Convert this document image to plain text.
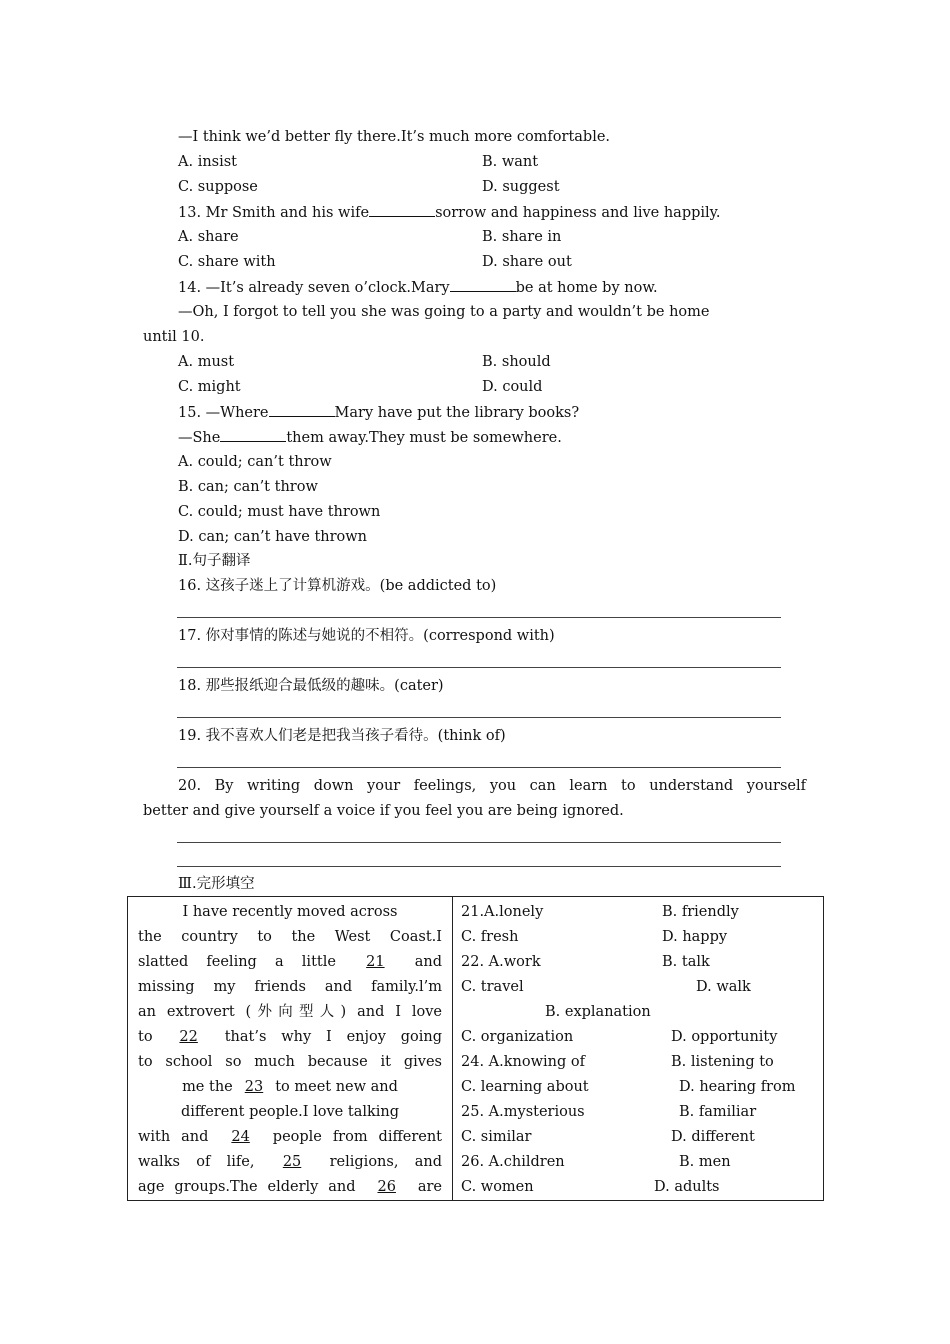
—I think we’d better fly there.It’s much more comfortable.
A. insist	B. want
C. suppose	D. suggest
13. Mr Smith and his wife	sorrow and happiness and live happily.
A. share	B. share in
C. share with	D. share out
14. —It’s already seven o’clock.Mary	be at home by now.
—Oh, I forgot to tell you she was going to a party and wouldn’t be home
until 10.
A. must	B. should
C. might	D. could
15. —Where	Mary have put the library books?
—She	them away.They must be somewhere.
A. could; can’t throw
B. can; can’t throw
C. could; must have thrown
D. can; can’t have thrown
Ⅱ.句子翻译
16. 这孩子迷上了计算机游戏。(be addicted to)
17. 你对事情的陈述与她说的不相符。(correspond with)
18. 那些报纸迎合最低级的趣味。(cater)
19. 我不喜欢人们老是把我当孩子看待。(think of)
20. By writing down your feelings, you can learn to understand yourself
better and give yourself a voice if you feel you are being ignored.
Ⅲ.完形填空
I have recently moved across
the country to the West Coast.I
slatted feeling a little 21 and
missing my friends and family.l’m
an extrovert (外向型人) and I love
to 22 that’s why I enjoy going
to school so much because it gives
me the 23 to meet new and
different people.I love talking
with and 24 people from different
walks of life, 25 religions, and
age groups.The elderly and 26 are

21.A.lonely	B. friendly
C. fresh	D. happy
22. A.work	B. talk
C. travel	D. walk
B. explanation
C. organization	D. opportunity
24. A.knowing of	B. listening to
C. learning about	D. hearing from
25. A.mysterious	B. familiar
C. similar	D. different
26. A.children	B. men
C. women	D. adults
